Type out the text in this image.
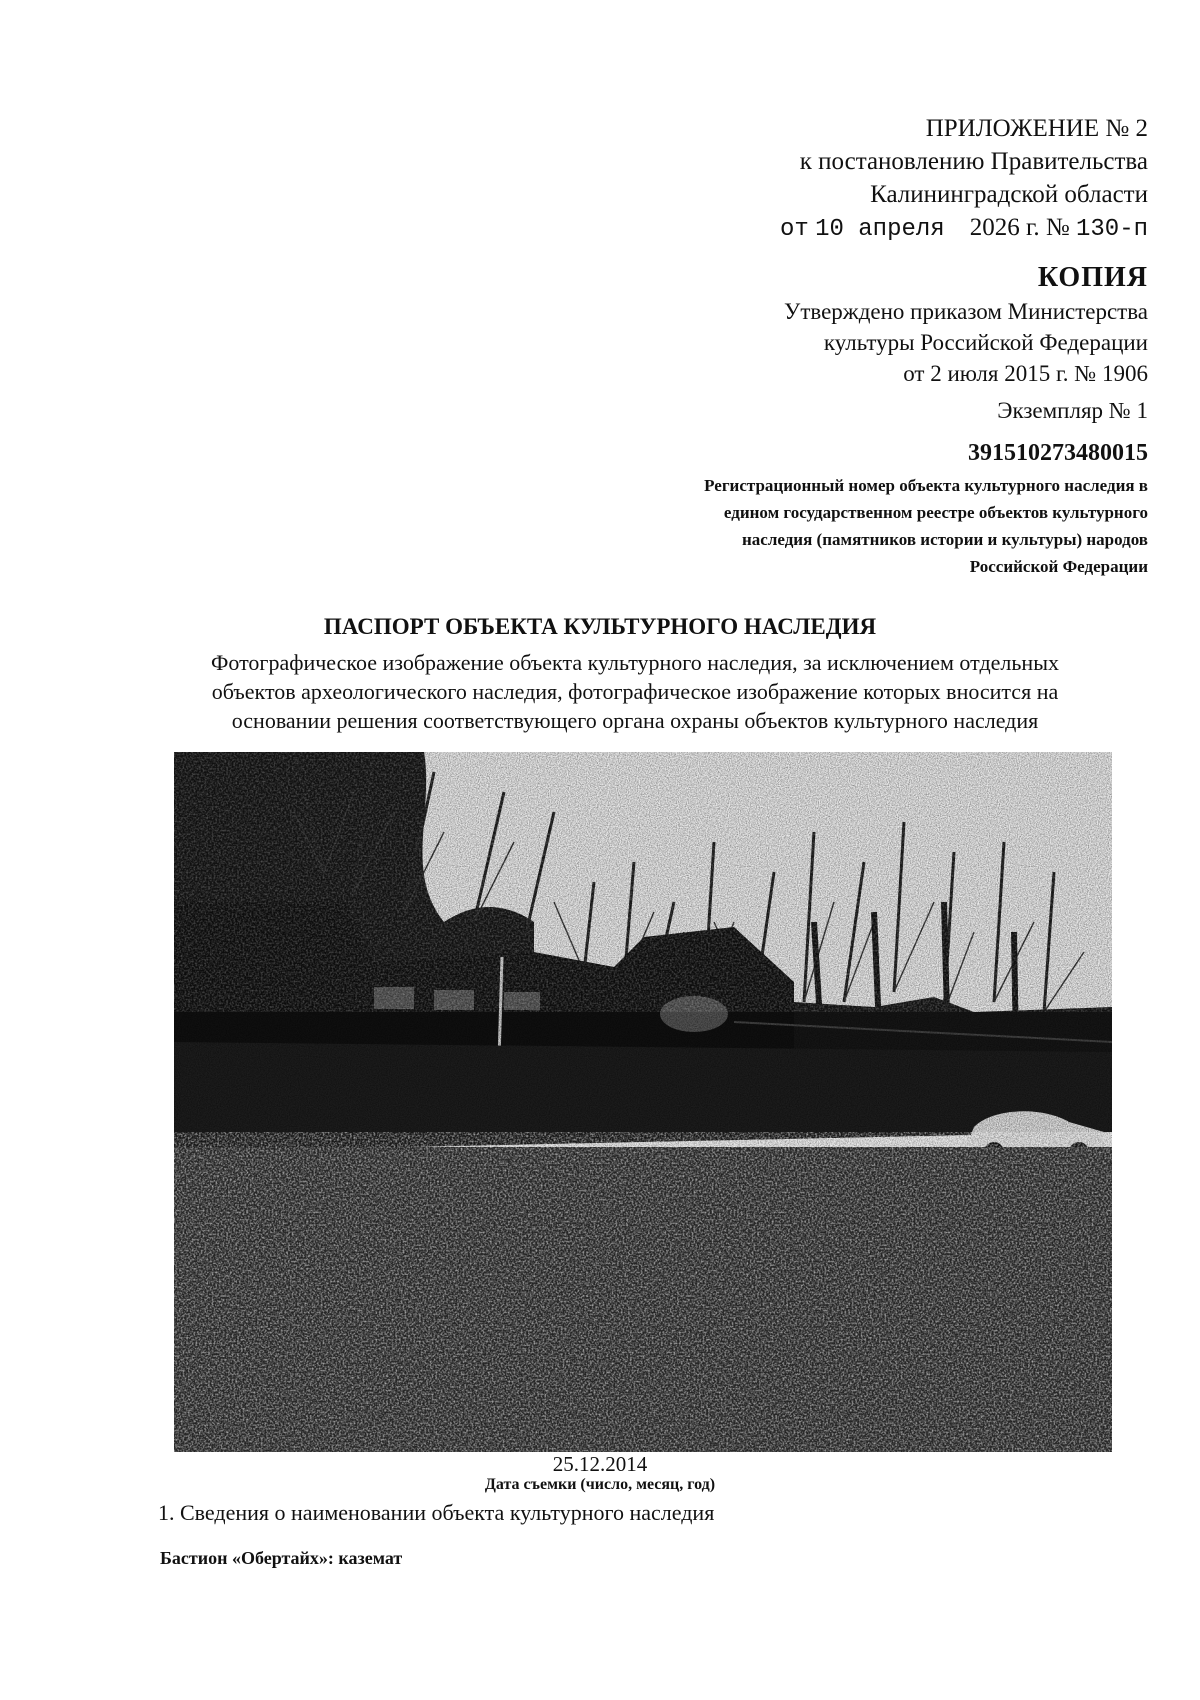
ПРИЛОЖЕНИЕ № 2
к постановлению Правительства
Калининградской области
от 10 апреля 2026 г. № 130-п
КОПИЯ
Утверждено приказом Министерства
культуры Российской Федерации
от 2 июля 2015 г. № 1906
Экземпляр № 1
391510273480015
Регистрационный номер объекта культурного наследия в
едином государственном реестре объектов культурного
наследия (памятников истории и культуры) народов
Российской Федерации
ПАСПОРТ ОБЪЕКТА КУЛЬТУРНОГО НАСЛЕДИЯ
Фотографическое изображение объекта культурного наследия, за исключением отдельных
объектов археологического наследия, фотографическое изображение которых вносится на
основании решения соответствующего органа охраны объектов культурного наследия
25.12.2014
Дата съемки (число, месяц, год)
1. Сведения о наименовании объекта культурного наследия
Бастион «Обертайх»: каземат
